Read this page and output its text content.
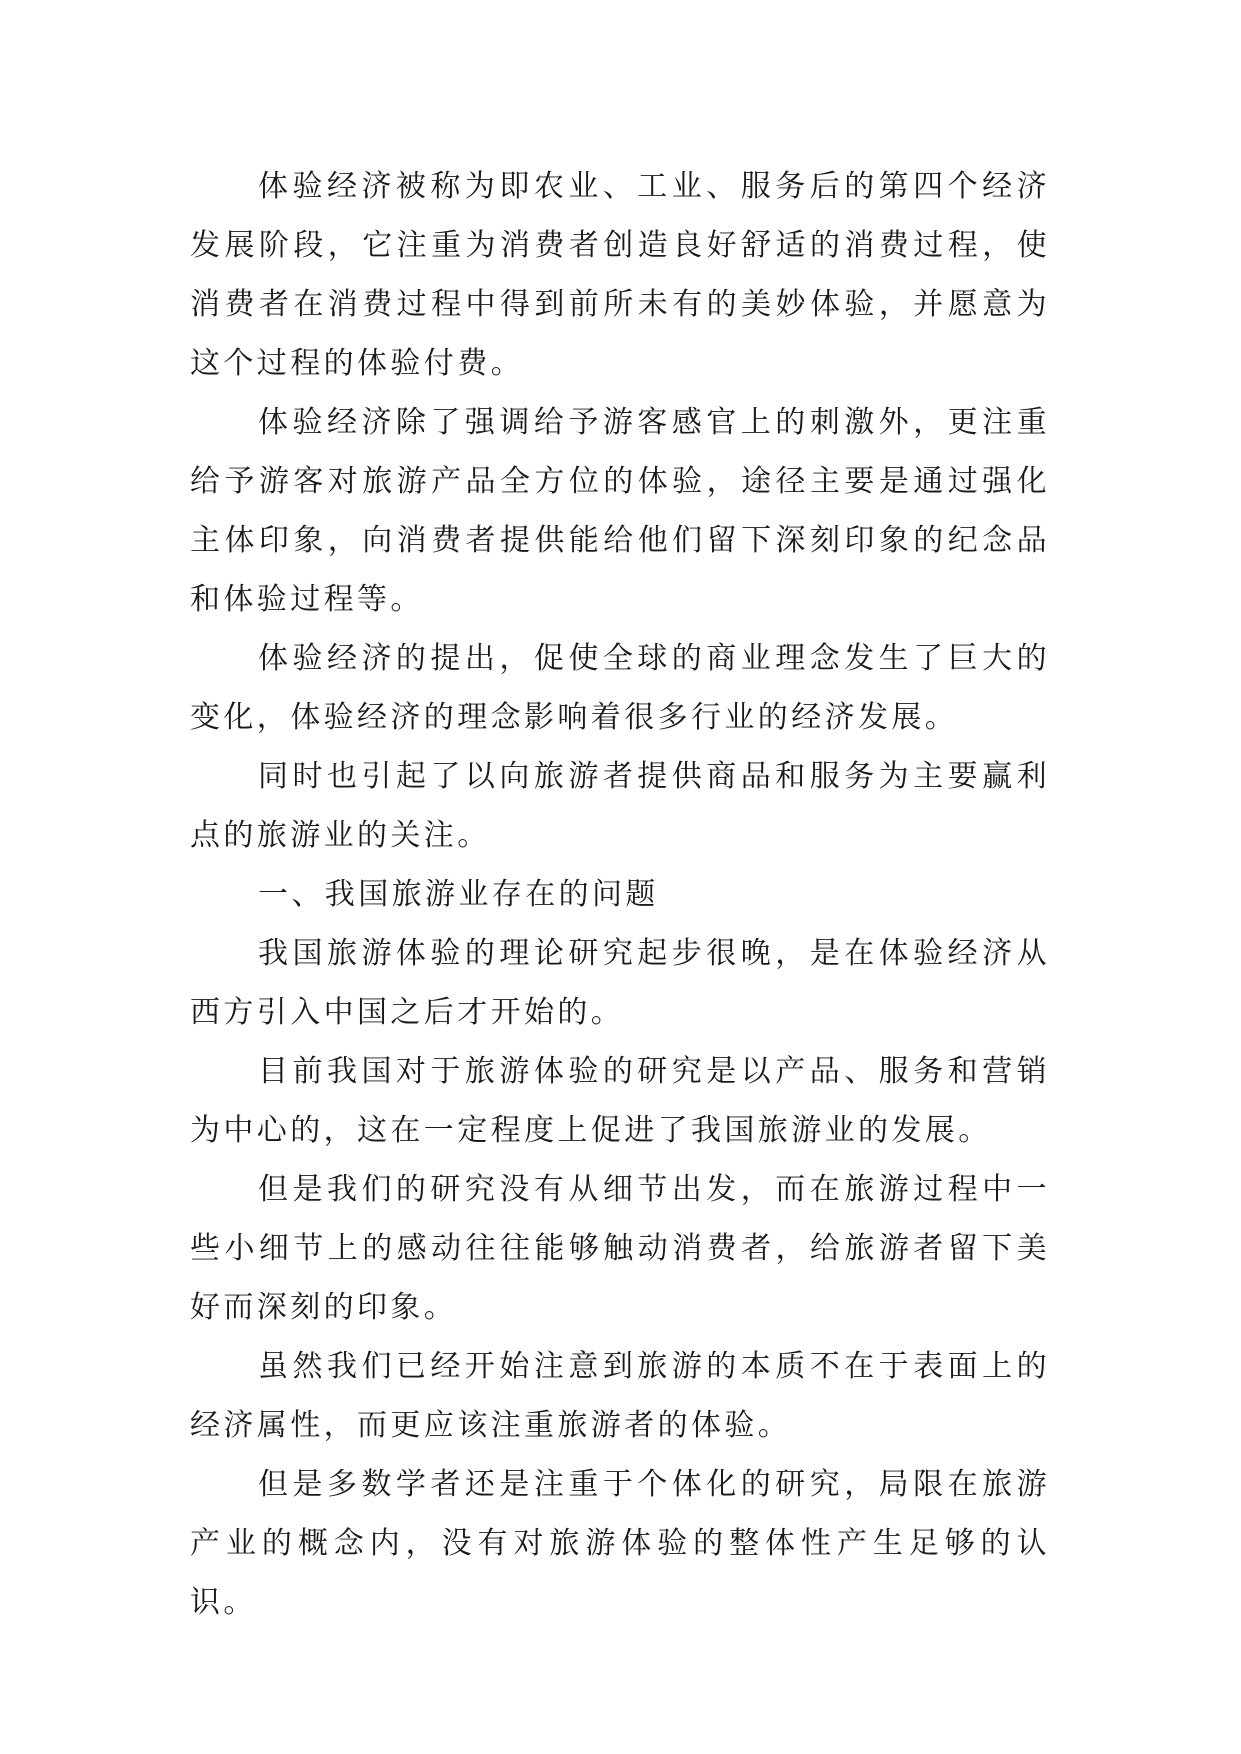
体验经济被称为即农业、工业、服务后的第四个经济发展阶段，它注重为消费者创造良好舒适的消费过程，使消费者在消费过程中得到前所未有的美妙体验，并愿意为这个过程的体验付费。

体验经济除了强调给予游客感官上的刺激外，更注重给予游客对旅游产品全方位的体验，途径主要是通过强化主体印象，向消费者提供能给他们留下深刻印象的纪念品和体验过程等。

体验经济的提出，促使全球的商业理念发生了巨大的变化，体验经济的理念影响着很多行业的经济发展。

同时也引起了以向旅游者提供商品和服务为主要赢利点的旅游业的关注。

一、我国旅游业存在的问题

我国旅游体验的理论研究起步很晚，是在体验经济从西方引入中国之后才开始的。

目前我国对于旅游体验的研究是以产品、服务和营销为中心的，这在一定程度上促进了我国旅游业的发展。

但是我们的研究没有从细节出发，而在旅游过程中一些小细节上的感动往往能够触动消费者，给旅游者留下美好而深刻的印象。

虽然我们已经开始注意到旅游的本质不在于表面上的经济属性，而更应该注重旅游者的体验。

但是多数学者还是注重于个体化的研究，局限在旅游产业的概念内，没有对旅游体验的整体性产生足够的认识。
